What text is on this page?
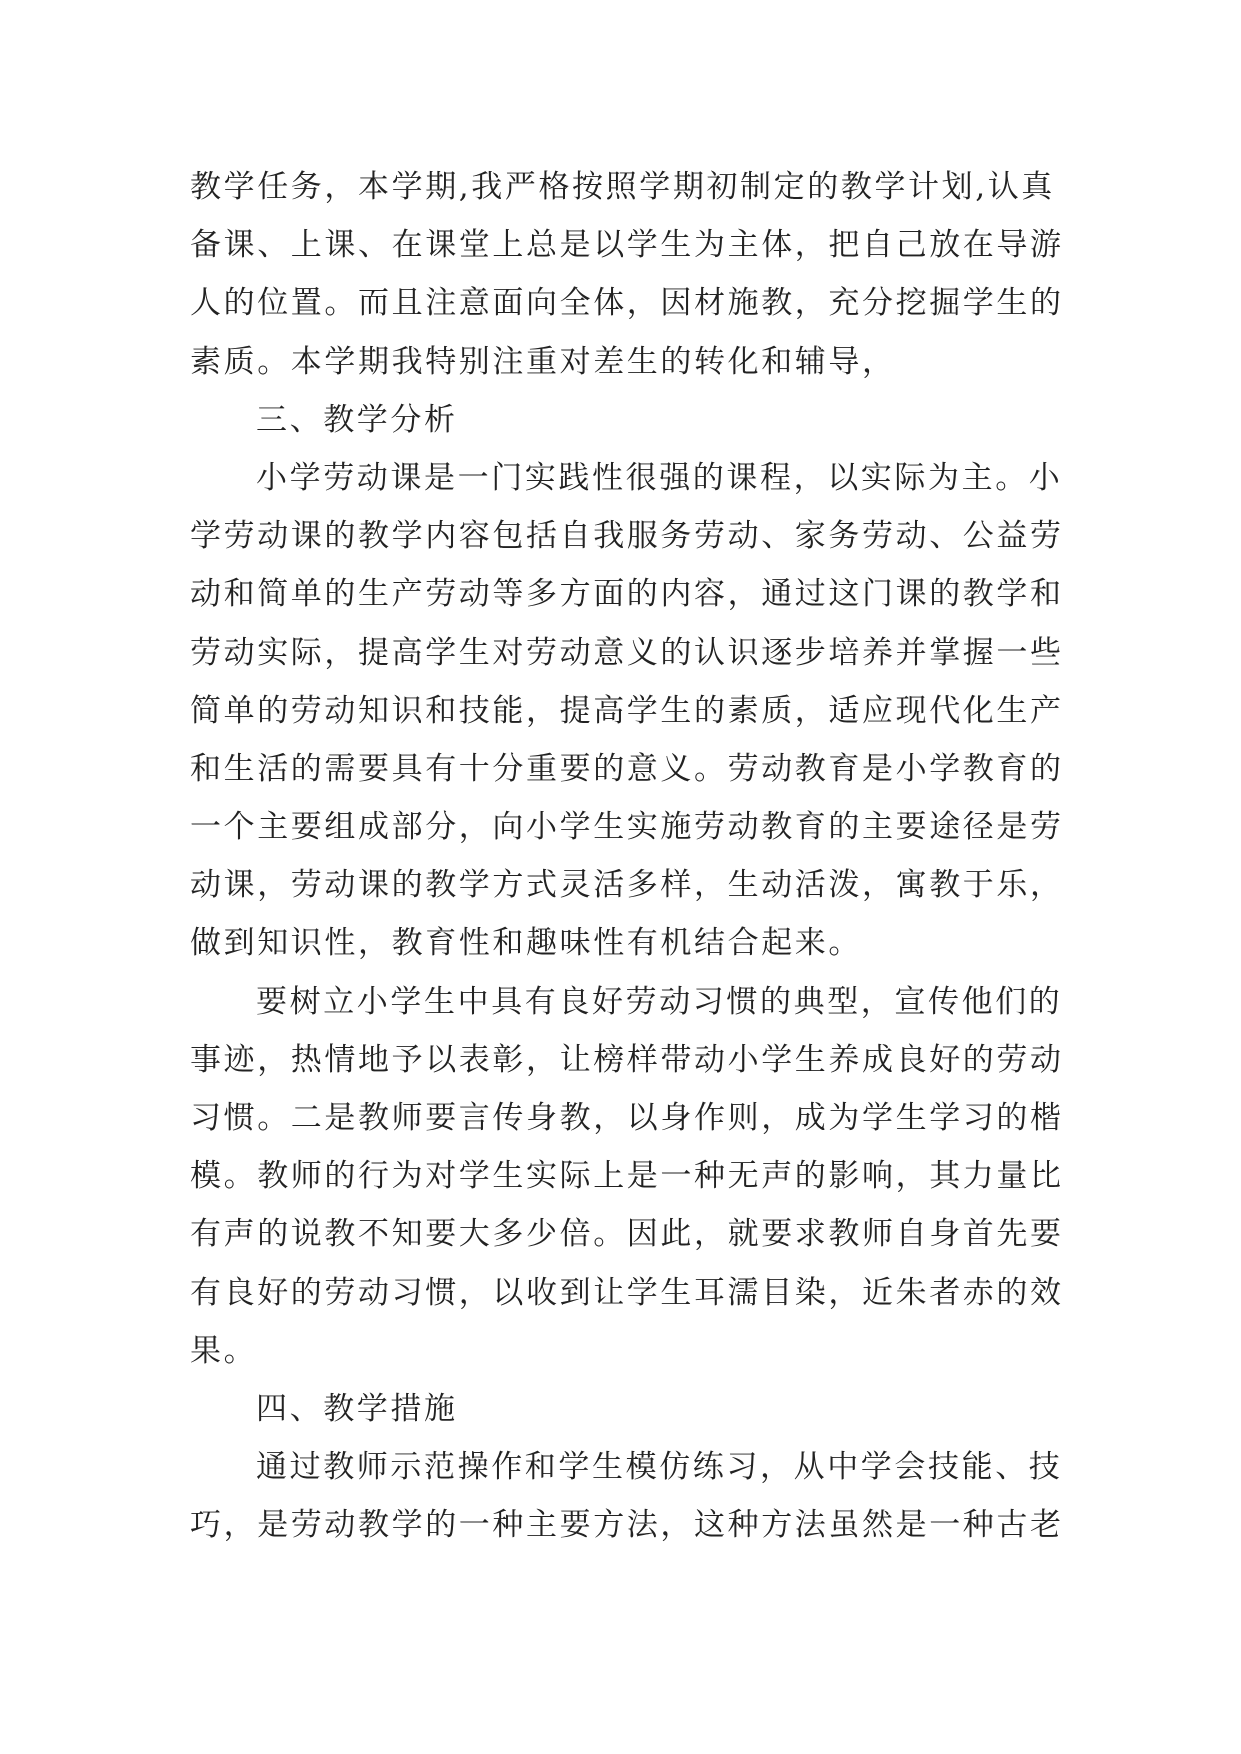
教学任务，本学期,我严格按照学期初制定的教学计划,认真
备课、上课、在课堂上总是以学生为主体，把自己放在导游
人的位置。而且注意面向全体，因材施教，充分挖掘学生的
素质。本学期我特别注重对差生的转化和辅导，
三、教学分析
小学劳动课是一门实践性很强的课程，以实际为主。小
学劳动课的教学内容包括自我服务劳动、家务劳动、公益劳
动和简单的生产劳动等多方面的内容，通过这门课的教学和
劳动实际，提高学生对劳动意义的认识逐步培养并掌握一些
简单的劳动知识和技能，提高学生的素质，适应现代化生产
和生活的需要具有十分重要的意义。劳动教育是小学教育的
一个主要组成部分，向小学生实施劳动教育的主要途径是劳
动课，劳动课的教学方式灵活多样，生动活泼，寓教于乐，
做到知识性，教育性和趣味性有机结合起来。
要树立小学生中具有良好劳动习惯的典型，宣传他们的
事迹，热情地予以表彰，让榜样带动小学生养成良好的劳动
习惯。二是教师要言传身教，以身作则，成为学生学习的楷
模。教师的行为对学生实际上是一种无声的影响，其力量比
有声的说教不知要大多少倍。因此，就要求教师自身首先要
有良好的劳动习惯，以收到让学生耳濡目染，近朱者赤的效
果。
四、教学措施
通过教师示范操作和学生模仿练习，从中学会技能、技
巧，是劳动教学的一种主要方法，这种方法虽然是一种古老
